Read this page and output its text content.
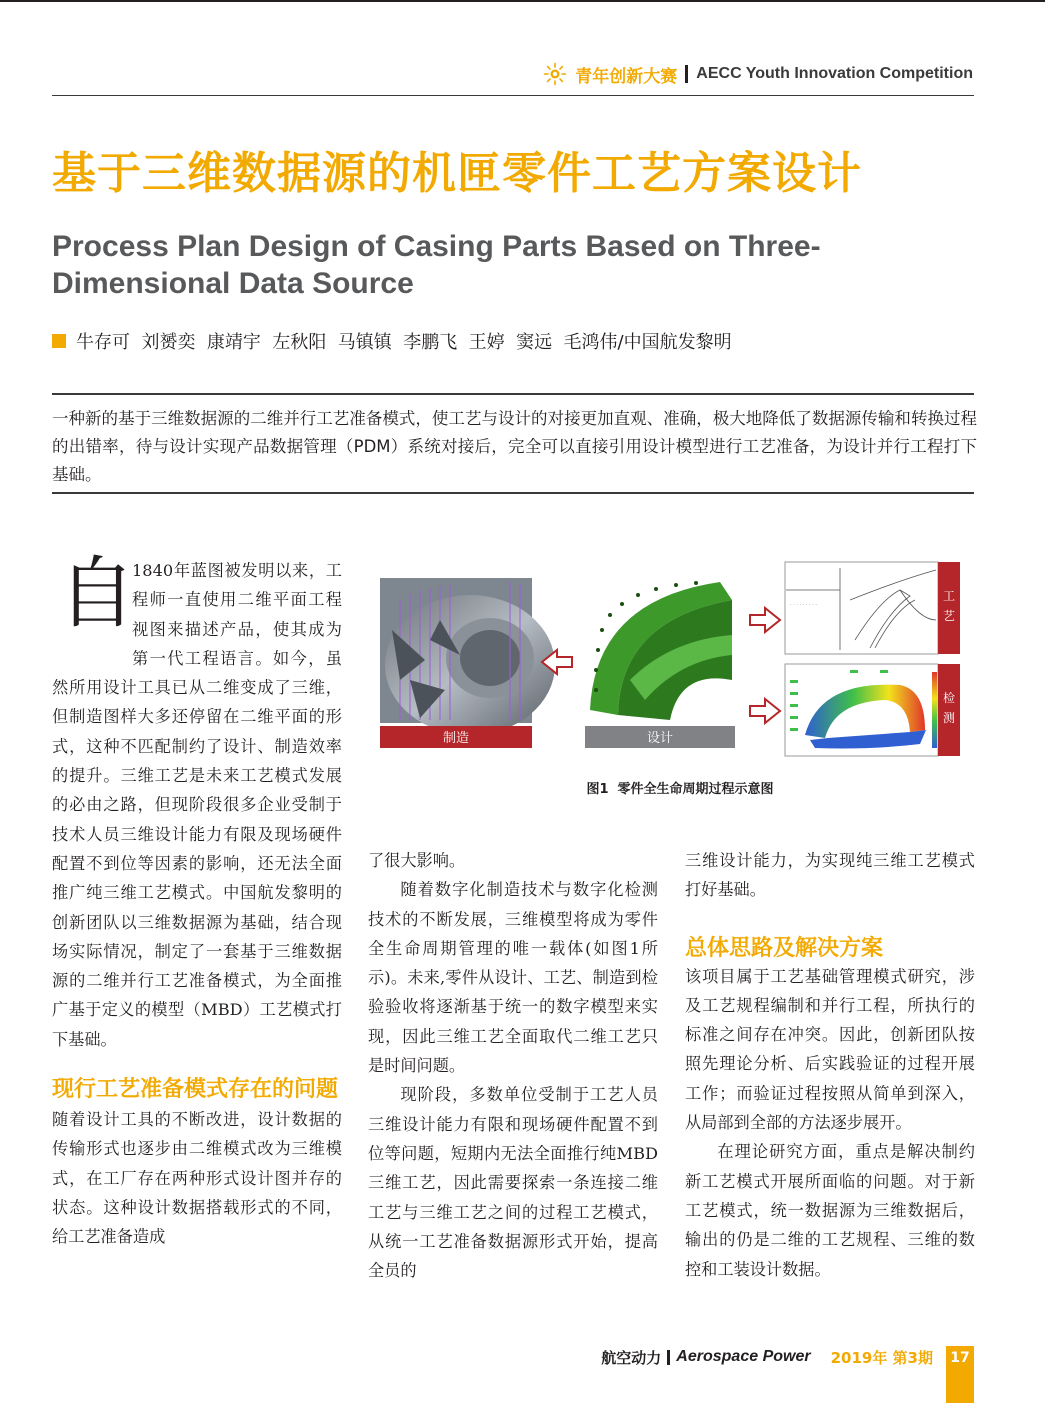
青年创新大赛 AECC Youth Innovation Competition
基于三维数据源的机匣零件工艺方案设计
Process Plan Design of Casing Parts Based on Three-Dimensional Data Source
牛存可  刘赟奕  康靖宇  左秋阳  马镇镇  李鹏飞  王婷  窦远  毛鸿伟/中国航发黎明
一种新的基于三维数据源的二维并行工艺准备模式，使工艺与设计的对接更加直观、准确，极大地降低了数据源传输和转换过程的出错率，待与设计实现产品数据管理（PDM）系统对接后，完全可以直接引用设计模型进行工艺准备，为设计并行工程打下基础。
自

1840年蓝图被发明以来，工程师一直使用二维平面工程视图来描述产品，使其成为第一代工程语言。如今，虽然所用设计工具已从二维变成了三维，但制造图样大多还停留在二维平面的形式，这种不匹配制约了设计、制造效率的提升。三维工艺是未来工艺模式发展的必由之路，但现阶段很多企业受制于技术人员三维设计能力有限及现场硬件配置不到位等因素的影响，还无法全面推广纯三维工艺模式。中国航发黎明的创新团队以三维数据源为基础，结合现场实际情况，制定了一套基于三维数据源的二维并行工艺准备模式，为全面推广基于定义的模型（MBD）工艺模式打下基础。

现行工艺准备模式存在的问题

随着设计工具的不断改进，设计数据的传输形式也逐步由二维模式改为三维模式，在工厂存在两种形式设计图并存的状态。这种设计数据搭载形式的不同，给工艺准备造成

制造	设计
· · · · · · · · ·
工
艺
检
测
图1  零件全生命周期过程示意图

了很大影响。

随着数字化制造技术与数字化检测技术的不断发展，三维模型将成为零件全生命周期管理的唯一载体(如图1所示)。未来,零件从设计、工艺、制造到检验验收将逐渐基于统一的数字模型来实现，因此三维工艺全面取代二维工艺只是时间问题。

现阶段，多数单位受制于工艺人员三维设计能力有限和现场硬件配置不到位等问题，短期内无法全面推行纯MBD三维工艺，因此需要探索一条连接二维工艺与三维工艺之间的过程工艺模式，从统一工艺准备数据源形式开始，提高全员的

三维设计能力，为实现纯三维工艺模式打好基础。

总体思路及解决方案

该项目属于工艺基础管理模式研究，涉及工艺规程编制和并行工程，所执行的标准之间存在冲突。因此，创新团队按照先理论分析、后实践验证的过程开展工作；而验证过程按照从简单到深入，从局部到全部的方法逐步展开。

在理论研究方面，重点是解决制约新工艺模式开展所面临的问题。对于新工艺模式，统一数据源为三维数据后，输出的仍是二维的工艺规程、三维的数控和工装设计数据。

航空动力 Aerospace Power 2019年 第3期	17
